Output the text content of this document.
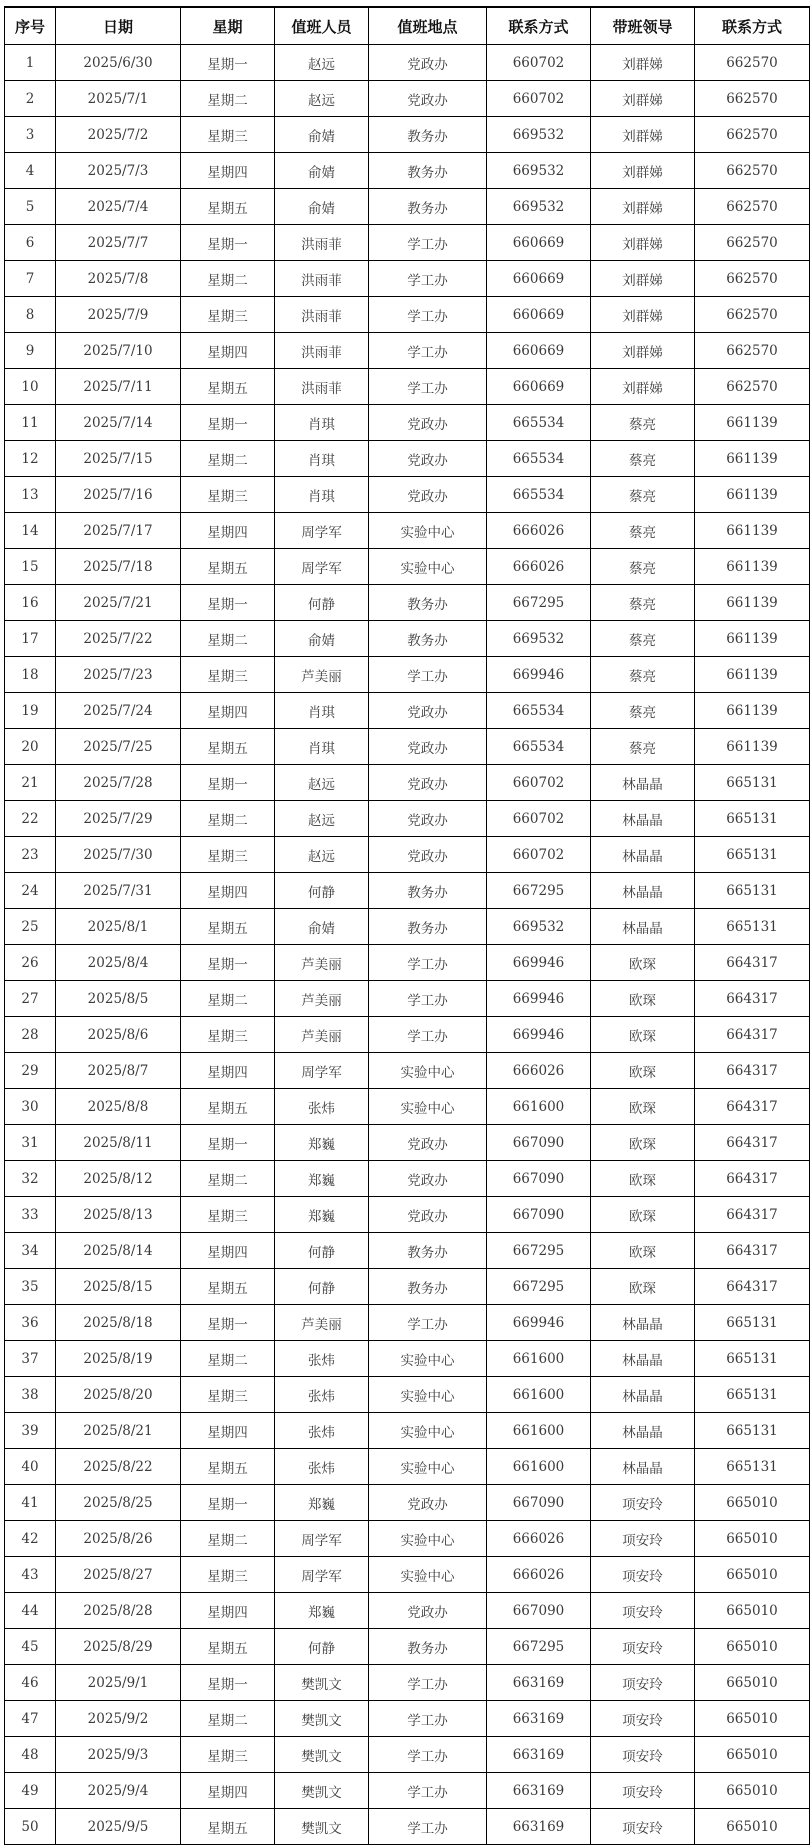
序号	日期	星期	值班人员	值班地点	联系方式	带班领导	联系方式
1	2025/6/30	星期一	赵远	党政办	660702	刘群娣	662570
2	2025/7/1	星期二	赵远	党政办	660702	刘群娣	662570
3	2025/7/2	星期三	俞婧	教务办	669532	刘群娣	662570
4	2025/7/3	星期四	俞婧	教务办	669532	刘群娣	662570
5	2025/7/4	星期五	俞婧	教务办	669532	刘群娣	662570
6	2025/7/7	星期一	洪雨菲	学工办	660669	刘群娣	662570
7	2025/7/8	星期二	洪雨菲	学工办	660669	刘群娣	662570
8	2025/7/9	星期三	洪雨菲	学工办	660669	刘群娣	662570
9	2025/7/10	星期四	洪雨菲	学工办	660669	刘群娣	662570
10	2025/7/11	星期五	洪雨菲	学工办	660669	刘群娣	662570
11	2025/7/14	星期一	肖琪	党政办	665534	蔡亮	661139
12	2025/7/15	星期二	肖琪	党政办	665534	蔡亮	661139
13	2025/7/16	星期三	肖琪	党政办	665534	蔡亮	661139
14	2025/7/17	星期四	周学军	实验中心	666026	蔡亮	661139
15	2025/7/18	星期五	周学军	实验中心	666026	蔡亮	661139
16	2025/7/21	星期一	何静	教务办	667295	蔡亮	661139
17	2025/7/22	星期二	俞婧	教务办	669532	蔡亮	661139
18	2025/7/23	星期三	芦美丽	学工办	669946	蔡亮	661139
19	2025/7/24	星期四	肖琪	党政办	665534	蔡亮	661139
20	2025/7/25	星期五	肖琪	党政办	665534	蔡亮	661139
21	2025/7/28	星期一	赵远	党政办	660702	林晶晶	665131
22	2025/7/29	星期二	赵远	党政办	660702	林晶晶	665131
23	2025/7/30	星期三	赵远	党政办	660702	林晶晶	665131
24	2025/7/31	星期四	何静	教务办	667295	林晶晶	665131
25	2025/8/1	星期五	俞婧	教务办	669532	林晶晶	665131
26	2025/8/4	星期一	芦美丽	学工办	669946	欧琛	664317
27	2025/8/5	星期二	芦美丽	学工办	669946	欧琛	664317
28	2025/8/6	星期三	芦美丽	学工办	669946	欧琛	664317
29	2025/8/7	星期四	周学军	实验中心	666026	欧琛	664317
30	2025/8/8	星期五	张炜	实验中心	661600	欧琛	664317
31	2025/8/11	星期一	郑巍	党政办	667090	欧琛	664317
32	2025/8/12	星期二	郑巍	党政办	667090	欧琛	664317
33	2025/8/13	星期三	郑巍	党政办	667090	欧琛	664317
34	2025/8/14	星期四	何静	教务办	667295	欧琛	664317
35	2025/8/15	星期五	何静	教务办	667295	欧琛	664317
36	2025/8/18	星期一	芦美丽	学工办	669946	林晶晶	665131
37	2025/8/19	星期二	张炜	实验中心	661600	林晶晶	665131
38	2025/8/20	星期三	张炜	实验中心	661600	林晶晶	665131
39	2025/8/21	星期四	张炜	实验中心	661600	林晶晶	665131
40	2025/8/22	星期五	张炜	实验中心	661600	林晶晶	665131
41	2025/8/25	星期一	郑巍	党政办	667090	项安玲	665010
42	2025/8/26	星期二	周学军	实验中心	666026	项安玲	665010
43	2025/8/27	星期三	周学军	实验中心	666026	项安玲	665010
44	2025/8/28	星期四	郑巍	党政办	667090	项安玲	665010
45	2025/8/29	星期五	何静	教务办	667295	项安玲	665010
46	2025/9/1	星期一	樊凯文	学工办	663169	项安玲	665010
47	2025/9/2	星期二	樊凯文	学工办	663169	项安玲	665010
48	2025/9/3	星期三	樊凯文	学工办	663169	项安玲	665010
49	2025/9/4	星期四	樊凯文	学工办	663169	项安玲	665010
50	2025/9/5	星期五	樊凯文	学工办	663169	项安玲	665010
